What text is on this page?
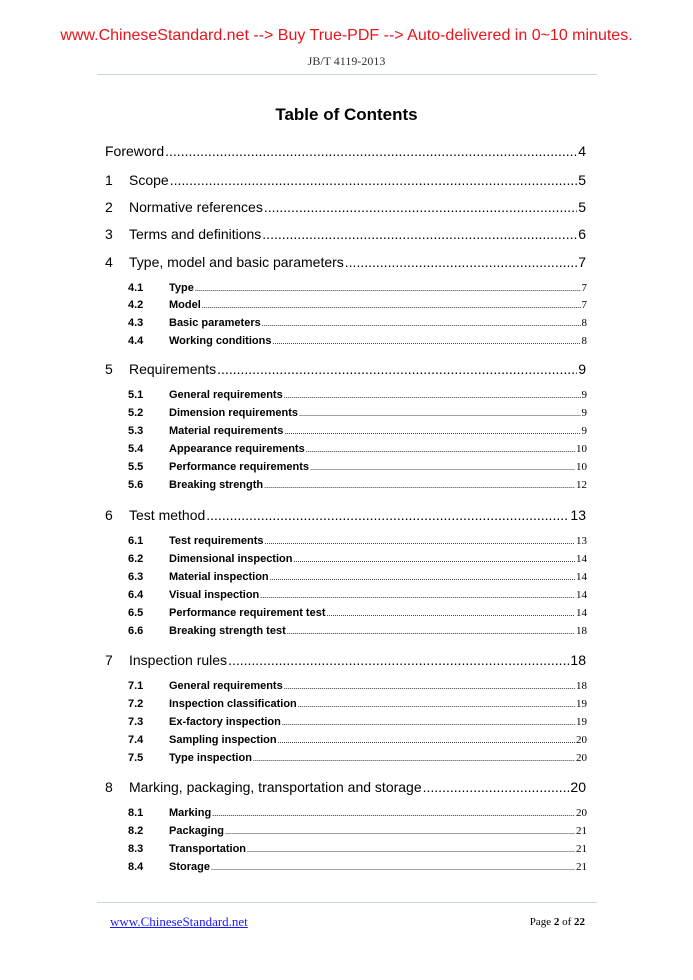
www.ChineseStandard.net --> Buy True-PDF --> Auto-delivered in 0~10 minutes.
JB/T 4119-2013
Table of Contents
Foreword .....	4
1	Scope .....	5
2	Normative references .....	5
3	Terms and definitions .....	6
4	Type, model and basic parameters .....	7
4.1	Type .....	7
4.2	Model .....	7
4.3	Basic parameters .....	8
4.4	Working conditions .....	8
5	Requirements .....	9
5.1	General requirements .....	9
5.2	Dimension requirements .....	9
5.3	Material requirements .....	9
5.4	Appearance requirements .....	10
5.5	Performance requirements .....	10
5.6	Breaking strength .....	12
6	Test method .....	13
6.1	Test requirements .....	13
6.2	Dimensional inspection .....	14
6.3	Material inspection .....	14
6.4	Visual inspection .....	14
6.5	Performance requirement test .....	14
6.6	Breaking strength test .....	18
7	Inspection rules .....	18
7.1	General requirements .....	18
7.2	Inspection classification .....	19
7.3	Ex-factory inspection .....	19
7.4	Sampling inspection .....	20
7.5	Type inspection .....	20
8	Marking, packaging, transportation and storage .....	20
8.1	Marking .....	20
8.2	Packaging .....	21
8.3	Transportation .....	21
8.4	Storage .....	21
www.ChineseStandard.net	Page 2 of 22
